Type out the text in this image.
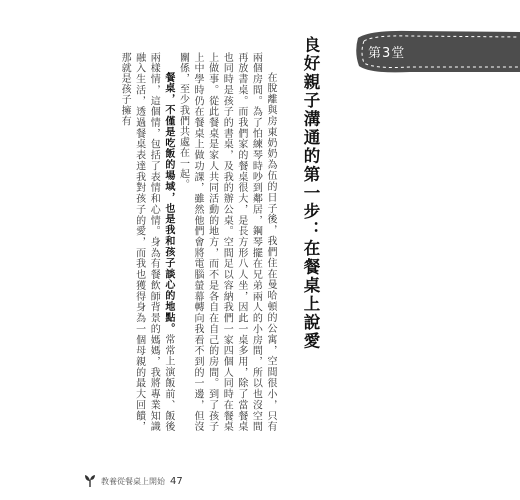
第3堂
良好親子溝通的第一步：在餐桌上說愛

在脫離與房東奶奶為伍的日子後，我們住在曼哈頓的公寓，空間很小，只有兩個房間。為了怕練琴時吵到鄰居，鋼琴擺在兄弟兩人的小房間，所以也沒空間再放書桌。而我們家的餐桌很大，是長方形八人坐，因此一桌多用，除了當餐桌也同時是孩子的書桌，及我的辦公桌。空間足以容納我們一家四個人同時在餐桌上做事。從此餐桌是家人共同活動的地方，而不是各自在自己的房間。到了孩子上中學時仍在餐桌上做功課，雖然他們會將電腦螢幕轉向我看不到的一邊，但沒關係，至少我們共處在一起。

餐桌，不僅是吃飯的場域，也是我和孩子談心的地點。常常上演飯前、飯後兩樣情，這個情，包括了表情和心情。身為有餐飲師背景的媽媽，我將專業知識融入生活，透過餐桌表達我對孩子的愛，而我也獲得身為一個母親的最大回饋，那就是孩子擁有

教養從餐桌上開始 47
